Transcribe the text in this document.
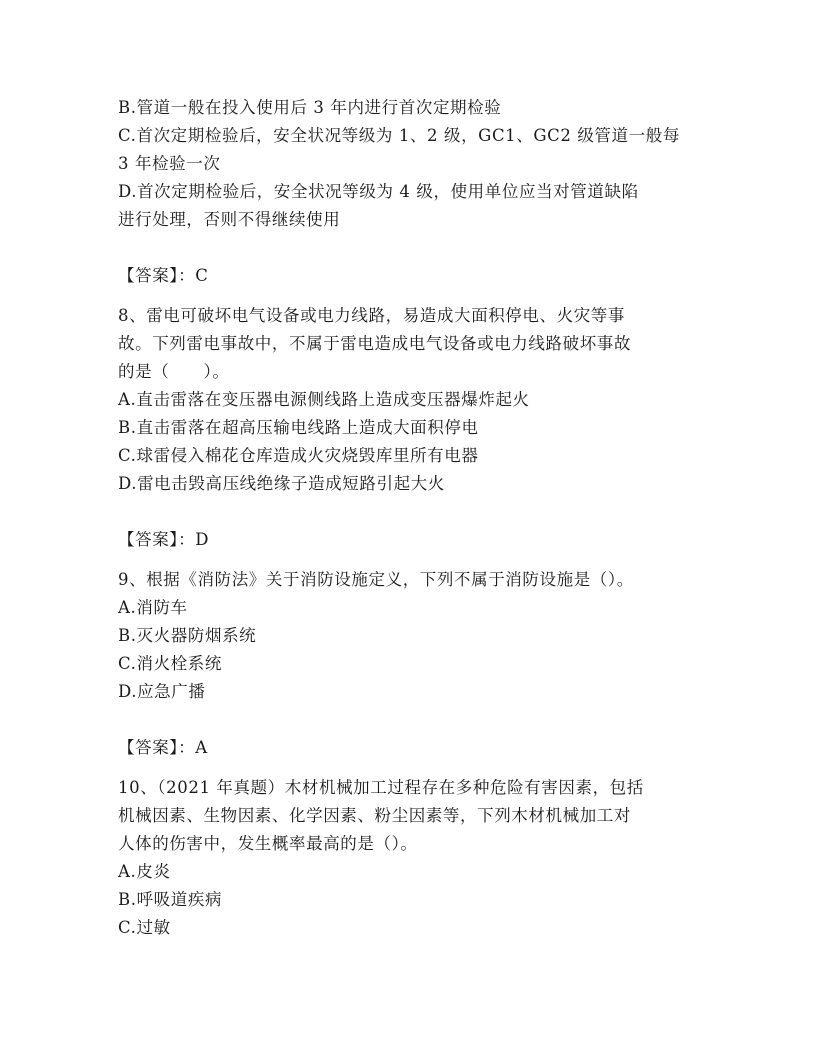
B.管道一般在投入使用后 3 年内进行首次定期检验
C.首次定期检验后，安全状况等级为 1、2 级，GC1、GC2 级管道一般每
3 年检验一次
D.首次定期检验后，安全状况等级为 4 级，使用单位应当对管道缺陷
进行处理，否则不得继续使用
【答案】：C
8、雷电可破坏电气设备或电力线路，易造成大面积停电、火灾等事
故。下列雷电事故中，不属于雷电造成电气设备或电力线路破坏事故
的是（　　）。
A.直击雷落在变压器电源侧线路上造成变压器爆炸起火
B.直击雷落在超高压输电线路上造成大面积停电
C.球雷侵入棉花仓库造成火灾烧毁库里所有电器
D.雷电击毁高压线绝缘子造成短路引起大火
【答案】：D
9、根据《消防法》关于消防设施定义，下列不属于消防设施是（）。
A.消防车
B.灭火器防烟系统
C.消火栓系统
D.应急广播
【答案】：A
10、（2021 年真题）木材机械加工过程存在多种危险有害因素，包括
机械因素、生物因素、化学因素、粉尘因素等，下列木材机械加工对
人体的伤害中，发生概率最高的是（）。
A.皮炎
B.呼吸道疾病
C.过敏
